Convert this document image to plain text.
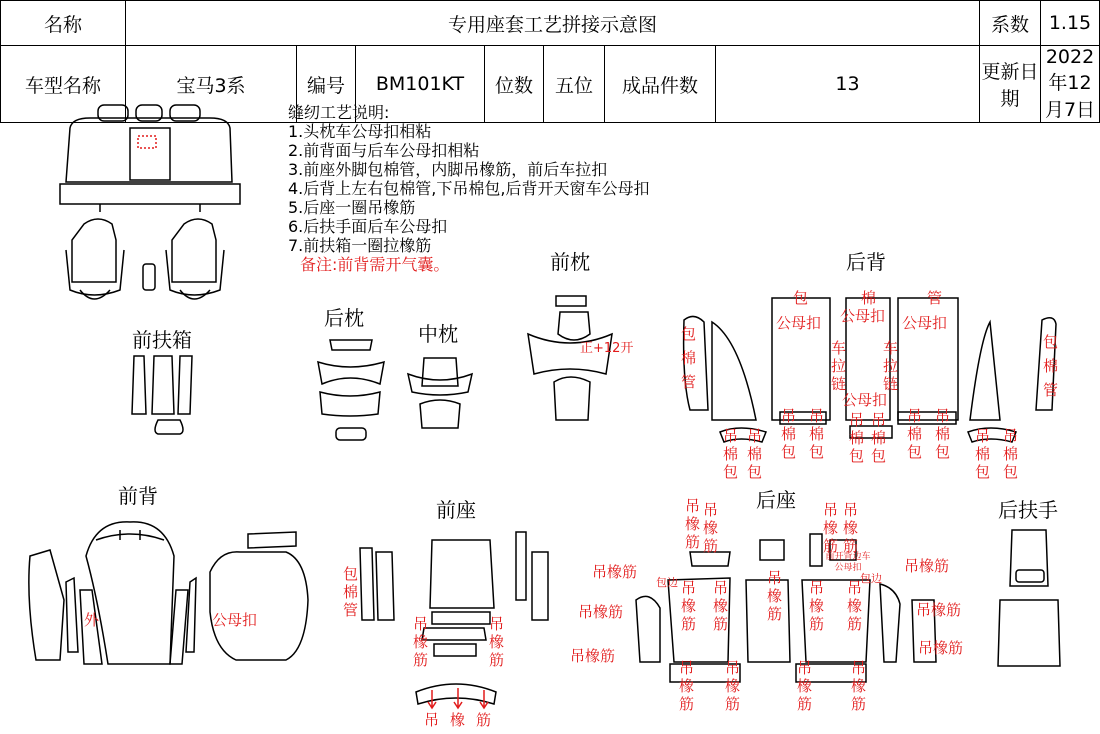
名称	专用座套工艺拼接示意图							系数	1.15
车型名称	宝马3系	编号	BM101KT	位数	五位	成品件数	13	更新日期	2022年12月7日
缝纫工艺说明:
1.头枕车公母扣相粘
2.前背面与后车公母扣相粘
3.前座外脚包棉管，内脚吊橡筋，前后车拉扣
4.后背上左右包棉管,下吊棉包,后背开天窗车公母扣
5.后座一圈吊橡筋
6.后扶手面后车公母扣
7.前扶箱一圈拉橡筋
备注:前背需开气囊。
前扶箱
后枕
中枕
前枕	后背
前背
前座	后座	后扶手
正+12开
包
棉
管
包
棉
管
包	棉	管
公母扣 公母扣 公母扣
公母扣
车
拉
链
车
拉
链
吊
棉
包
吊
棉
包
吊
棉
包
吊
棉
包
吊
棉
包
吊
棉
包
吊
棉
包
吊
棉
包
吊
棉
包
吊
棉
包
外	公母扣
包
棉
管
吊
橡
筋
吊
橡
筋
吊 橡 筋
吊
橡
筋
吊
橡
筋
吊
橡
筋
吊
橡
筋
吊橡筋
吊橡筋
吊橡筋
吊橡筋
吊橡筋
吊橡筋
包边	包边
前开背边车公母扣
吊
橡
筋
吊
橡
筋
吊
橡
筋
吊
橡
筋
吊
橡
筋
吊
橡
筋
吊
橡
筋
吊
橡
筋
吊
橡
筋
